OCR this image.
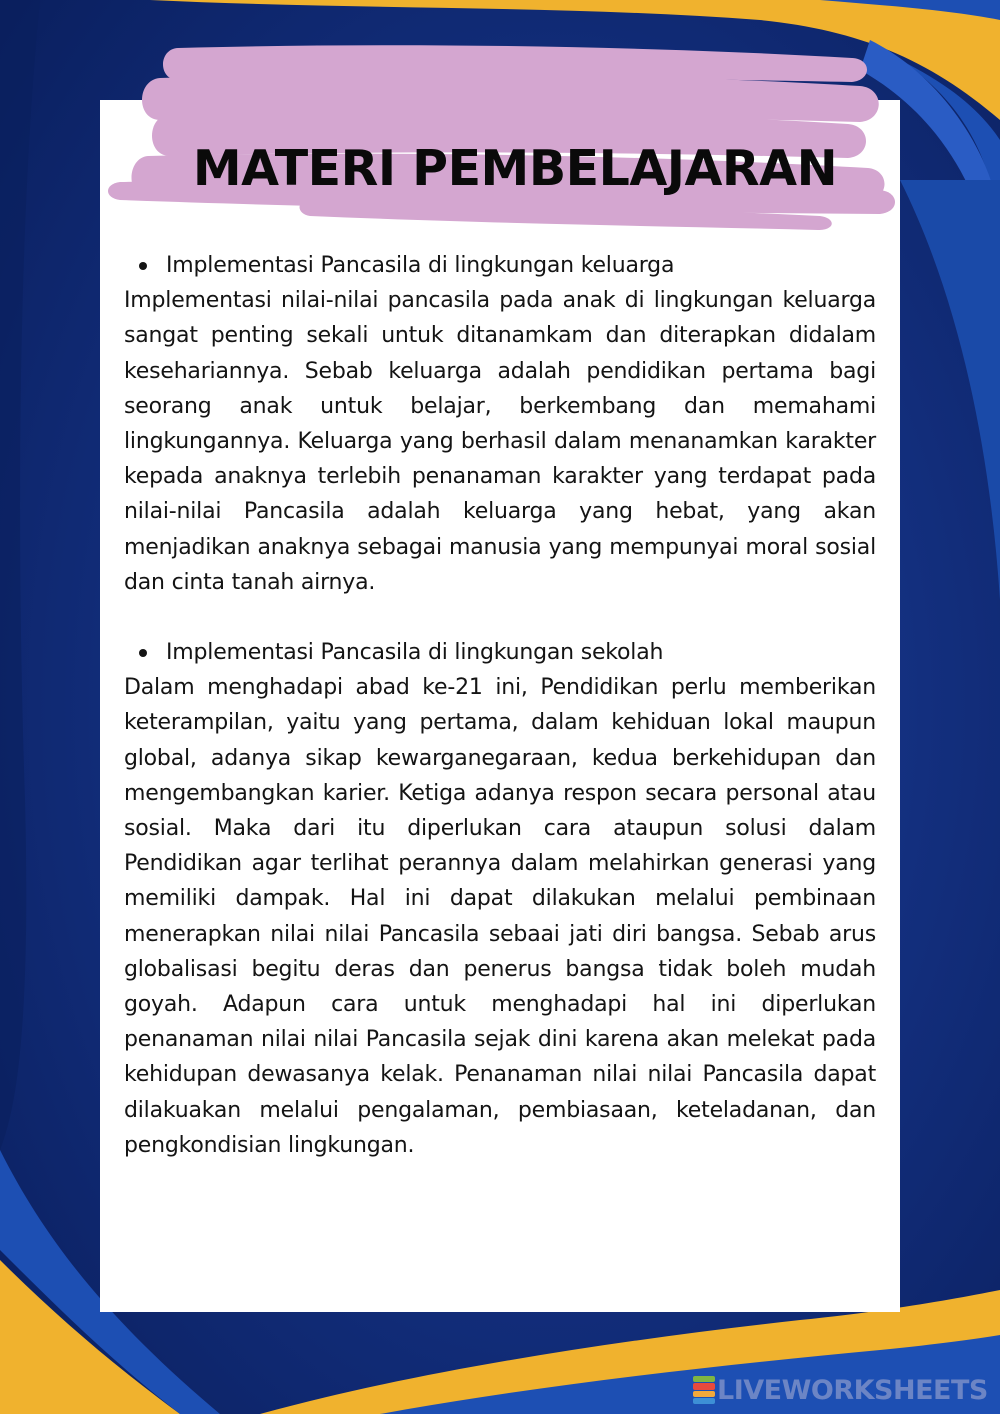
MATERI PEMBELAJARAN

Implementasi Pancasila di lingkungan keluarga

Implementasi nilai-nilai pancasila pada anak di lingkungan keluarga sangat penting sekali untuk ditanamkam dan diterapkan didalam kesehariannya. Sebab keluarga adalah pendidikan pertama bagi seorang anak untuk belajar, berkembang dan memahami lingkungannya. Keluarga yang berhasil dalam menanamkan karakter kepada anaknya terlebih penanaman karakter yang terdapat pada nilai-nilai Pancasila adalah keluarga yang hebat, yang akan menjadikan anaknya sebagai manusia yang mempunyai moral sosial dan cinta tanah airnya.

Implementasi Pancasila di lingkungan sekolah

Dalam menghadapi abad ke-21 ini, Pendidikan perlu memberikan keterampilan, yaitu yang pertama, dalam kehiduan lokal maupun global, adanya sikap kewarganegaraan, kedua berkehidupan dan mengembangkan karier. Ketiga adanya respon secara personal atau sosial. Maka dari itu diperlukan cara ataupun solusi dalam Pendidikan agar terlihat perannya dalam melahirkan generasi yang memiliki dampak. Hal ini dapat dilakukan melalui pembinaan menerapkan nilai nilai Pancasila sebaai jati diri bangsa. Sebab arus globalisasi begitu deras dan penerus bangsa tidak boleh mudah goyah. Adapun cara untuk menghadapi hal ini diperlukan penanaman nilai nilai Pancasila sejak dini karena akan melekat pada kehidupan dewasanya kelak. Penanaman nilai nilai Pancasila dapat dilakuakan melalui pengalaman, pembiasaan, keteladanan, dan pengkondisian lingkungan.

LIVEWORKSHEETS
